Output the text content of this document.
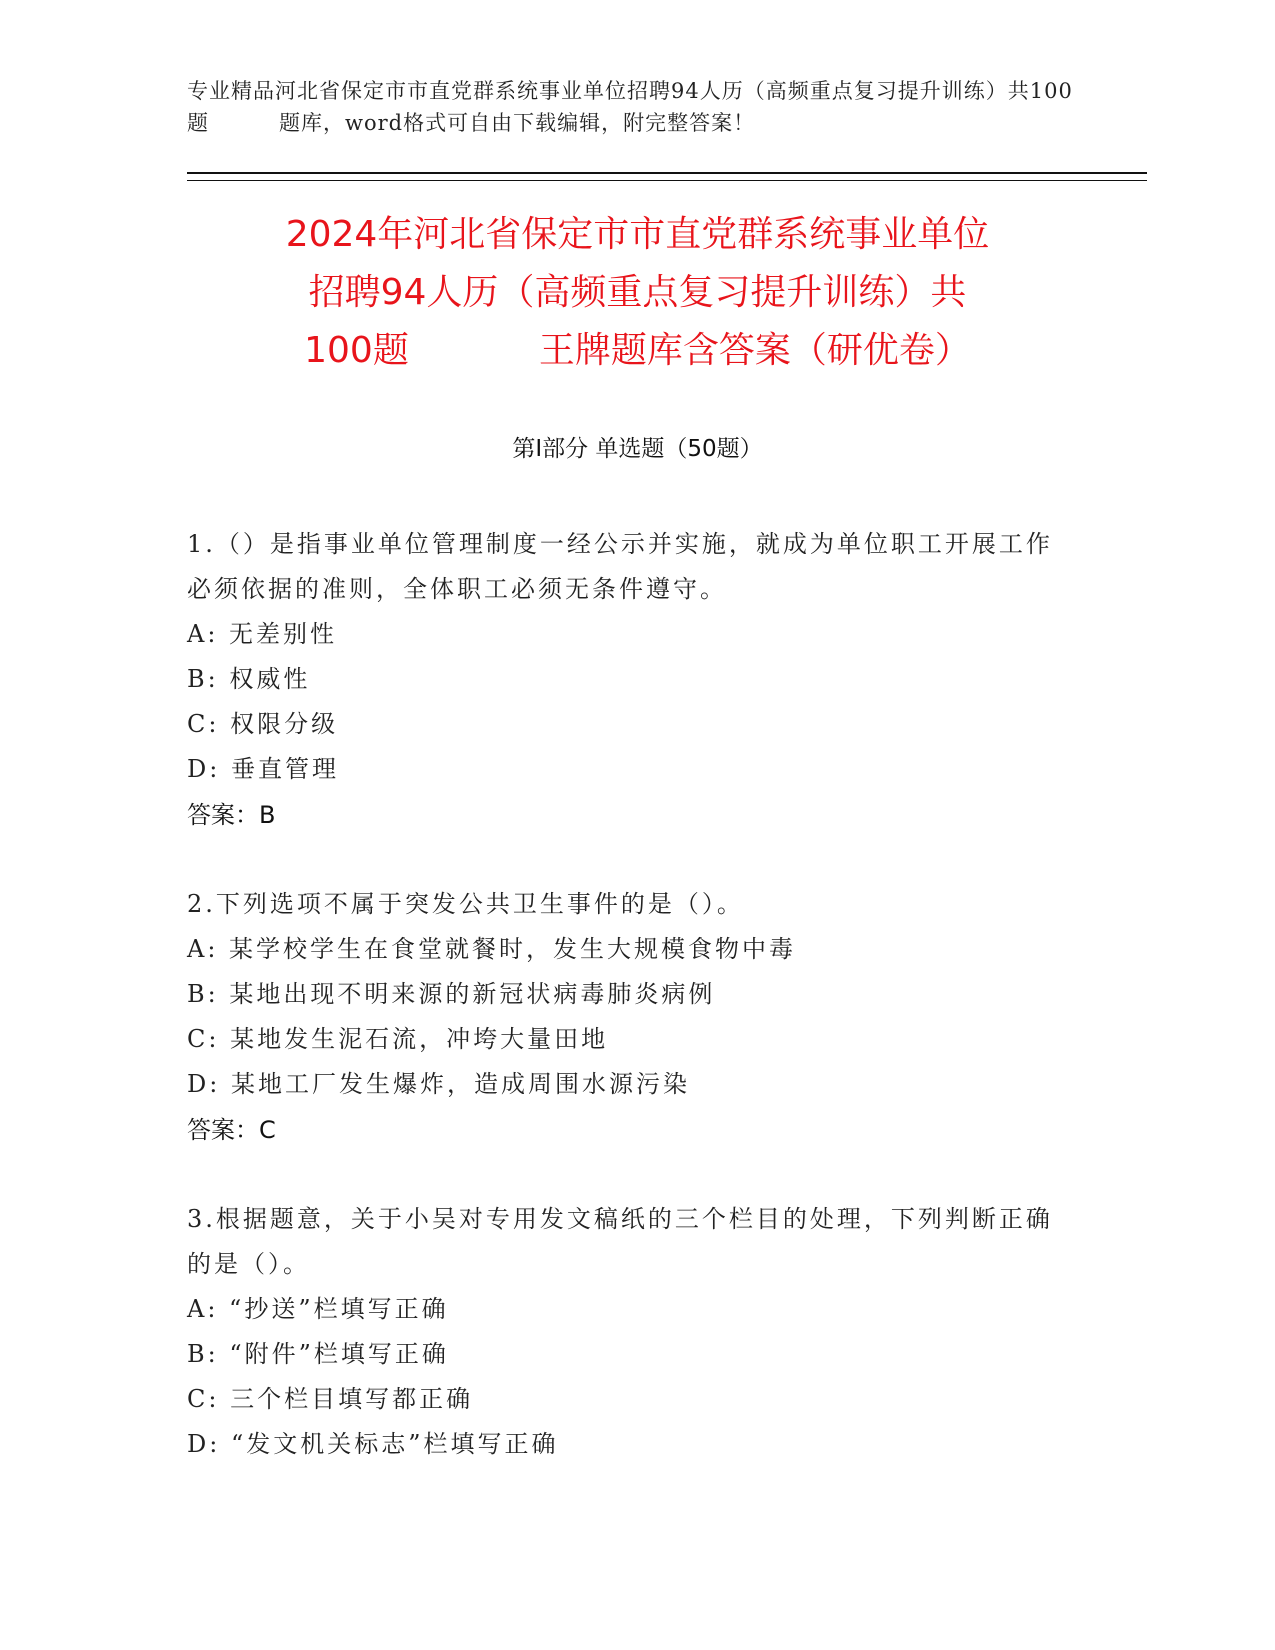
专业精品河北省保定市市直党群系统事业单位招聘94人历（高频重点复习提升训练）共100题	题库，word格式可自由下载编辑，附完整答案！
2024年河北省保定市市直党群系统事业单位
招聘94人历（高频重点复习提升训练）共
100题	王牌题库含答案（研优卷）
第Ⅰ部分 单选题（50题）
1.（）是指事业单位管理制度一经公示并实施，就成为单位职工开展工作必须依据的准则，全体职工必须无条件遵守。
A: 无差别性
B: 权威性
C: 权限分级
D: 垂直管理
答案：B
2.下列选项不属于突发公共卫生事件的是（）。
A: 某学校学生在食堂就餐时，发生大规模食物中毒
B: 某地出现不明来源的新冠状病毒肺炎病例
C: 某地发生泥石流，冲垮大量田地
D: 某地工厂发生爆炸，造成周围水源污染
答案：C
3.根据题意，关于小吴对专用发文稿纸的三个栏目的处理，下列判断正确的是（）。
A: “抄送”栏填写正确
B: “附件”栏填写正确
C: 三个栏目填写都正确
D: “发文机关标志”栏填写正确
